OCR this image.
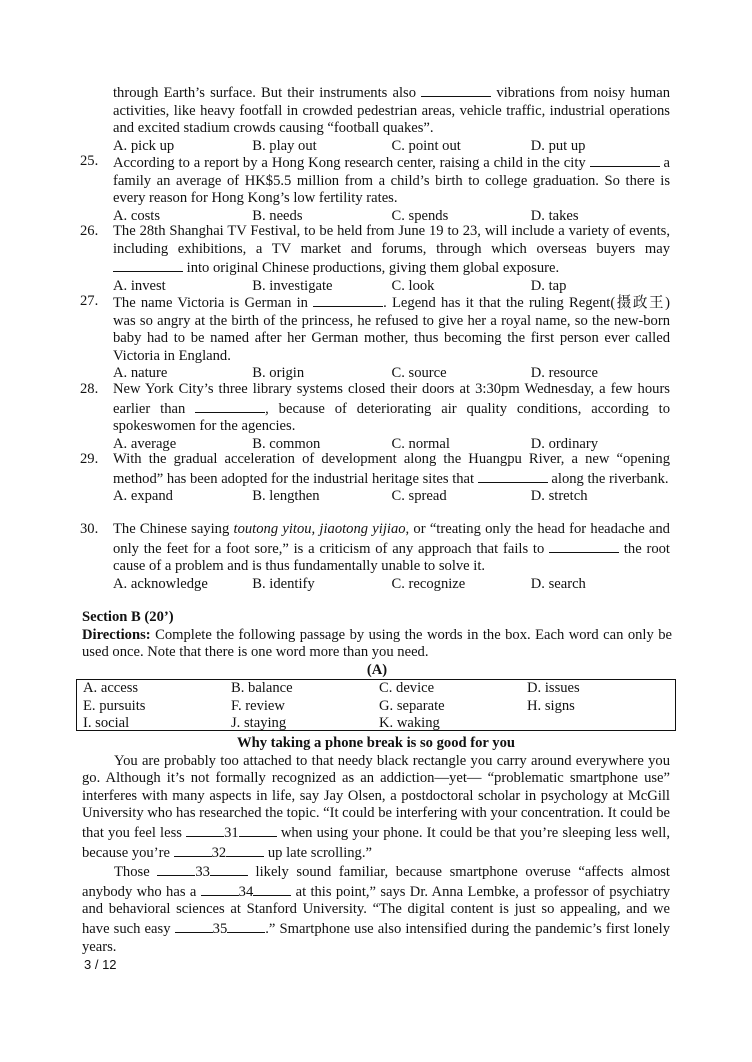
through Earth’s surface. But their instruments also	vibrations from noisy human activities, like heavy footfall in crowded pedestrian areas, vehicle traffic, industrial operations and excited stadium crowds causing “football quakes”.
A. pick up	B. play out	C. point out	D. put up
25.	According to a report by a Hong Kong research center, raising a child in the city	a family an average of HK$5.5 million from a child’s birth to college graduation. So there is every reason for Hong Kong’s low fertility rates.
A. costs	B. needs	C. spends	D. takes
26.	The 28th Shanghai TV Festival, to be held from June 19 to 23, will include a variety of events, including exhibitions, a TV market and forums, through which overseas buyers may  into original Chinese productions, giving them global exposure.
A. invest	B. investigate	C. look	D. tap
27.	The name Victoria is German in	. Legend has it that the ruling Regent(摄政王) was so angry at the birth of the princess, he refused to give her a royal name, so the new-born baby had to be named after her German mother, thus becoming the first person ever called Victoria in England.
A. nature	B. origin	C. source	D. resource
28.	New York City’s three library systems closed their doors at 3:30pm Wednesday, a few hours earlier than	, because of deteriorating air quality conditions, according to spokeswomen for the agencies.
A. average	B. common	C. normal	D. ordinary
29.	With the gradual acceleration of development along the Huangpu River, a new “opening method” has been adopted for the industrial heritage sites that	along the riverbank.
A. expand	B. lengthen	C. spread	D. stretch
30.	The Chinese saying toutong yitou, jiaotong yijiao, or “treating only the head for headache and only the feet for a foot sore,” is a criticism of any approach that fails to	the root cause of a problem and is thus fundamentally unable to solve it.
A. acknowledge	B. identify	C. recognize	D. search
Section B (20’)
Directions: Complete the following passage by using the words in the box. Each word can only be used once. Note that there is one word more than you need.
(A)
A. access	B. balance	C. device	D. issues
E. pursuits	F. review	G. separate	H. signs
I. social	J. staying	K. waking
Why taking a phone break is so good for you

You are probably too attached to that needy black rectangle you carry around everywhere you go. Although it’s not formally recognized as an addiction—yet— “problematic smartphone use” interferes with many aspects in life, say Jay Olsen, a postdoctoral scholar in psychology at McGill University who has researched the topic. “It could be interfering with your concentration. It could be that you feel less	31	when using your phone. It could be that you’re sleeping less well, because you’re	32	up late scrolling.”

Those	33	likely sound familiar, because smartphone overuse “affects almost anybody who has a	34	at this point,” says Dr. Anna Lembke, a professor of psychiatry and behavioral sciences at Stanford University. “The digital content is just so appealing, and we have such easy	35	.” Smartphone use also intensified during the pandemic’s first lonely years.

3 / 12
